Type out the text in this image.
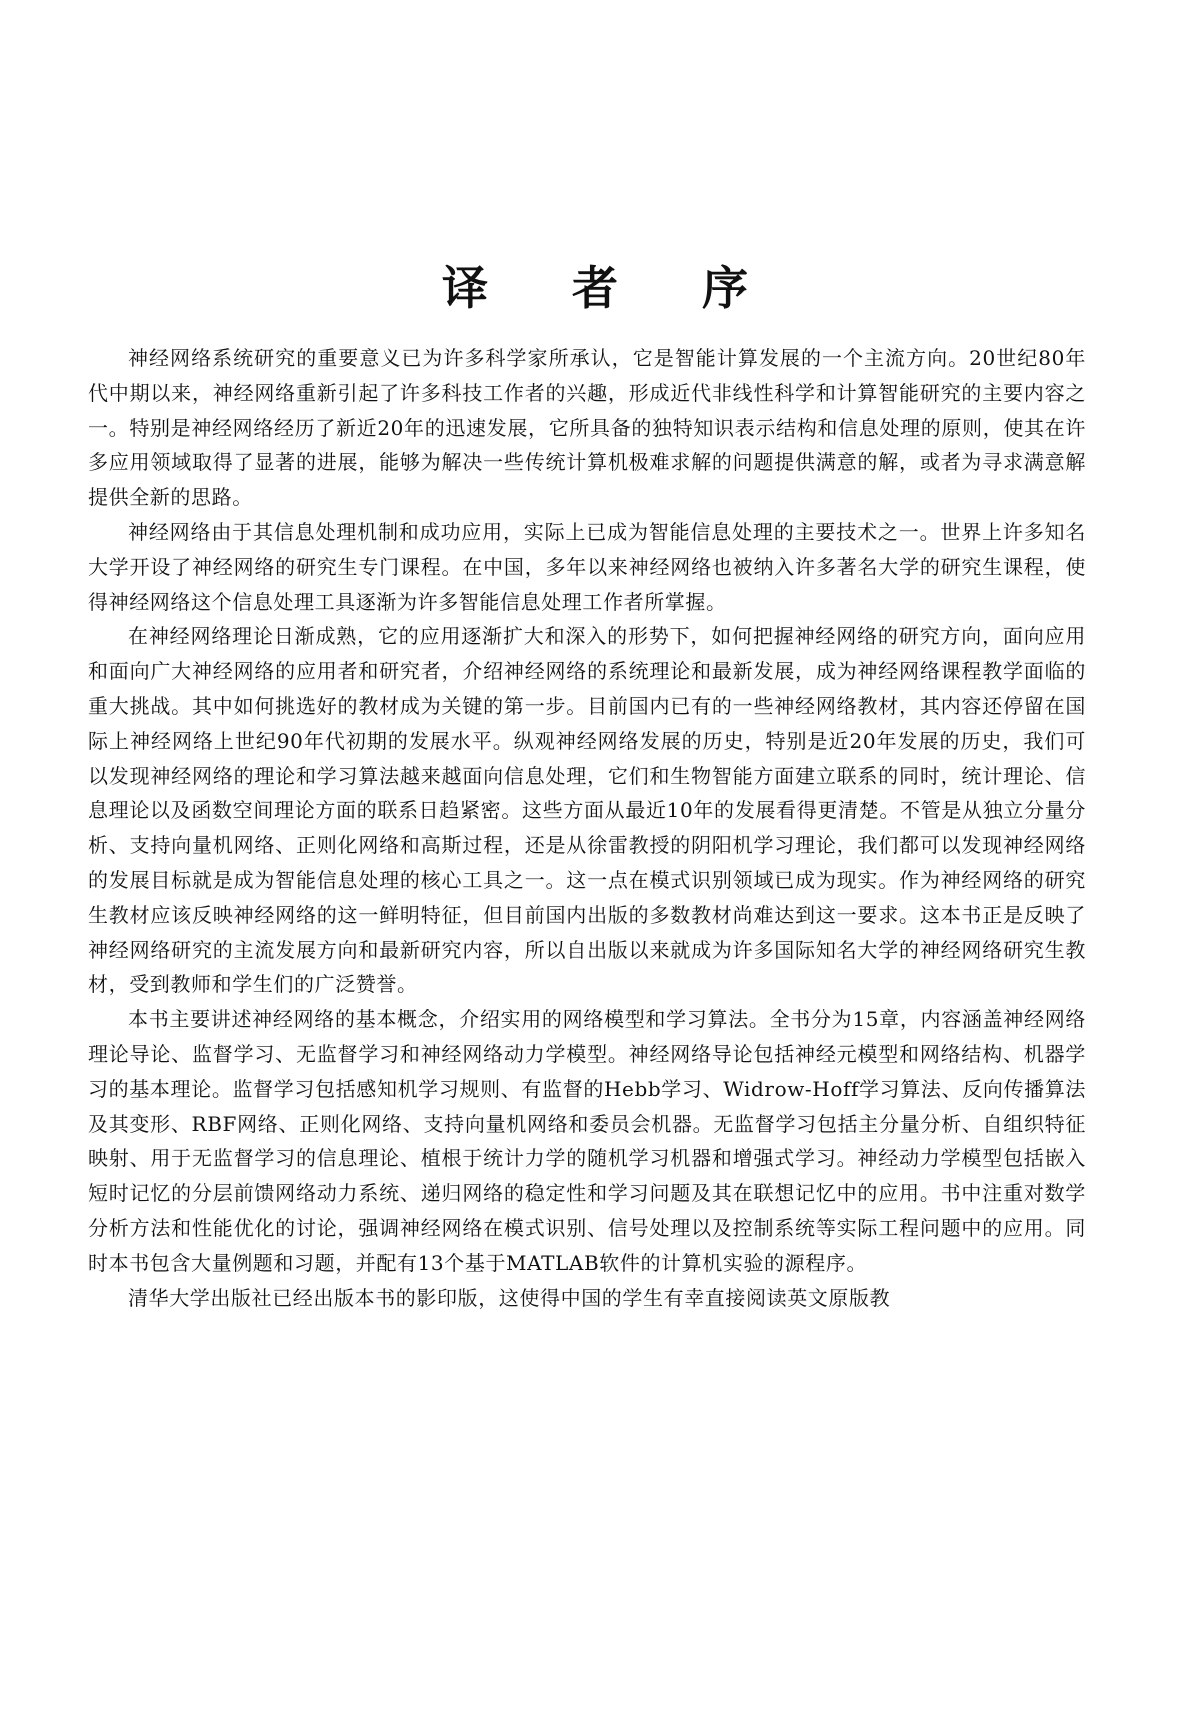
译 者 序

神经网络系统研究的重要意义已为许多科学家所承认，它是智能计算发展的一个主流方向。20世纪80年代中期以来，神经网络重新引起了许多科技工作者的兴趣，形成近代非线性科学和计算智能研究的主要内容之一。特别是神经网络经历了新近20年的迅速发展，它所具备的独特知识表示结构和信息处理的原则，使其在许多应用领域取得了显著的进展，能够为解决一些传统计算机极难求解的问题提供满意的解，或者为寻求满意解提供全新的思路。

神经网络由于其信息处理机制和成功应用，实际上已成为智能信息处理的主要技术之一。世界上许多知名大学开设了神经网络的研究生专门课程。在中国，多年以来神经网络也被纳入许多著名大学的研究生课程，使得神经网络这个信息处理工具逐渐为许多智能信息处理工作者所掌握。

在神经网络理论日渐成熟，它的应用逐渐扩大和深入的形势下，如何把握神经网络的研究方向，面向应用和面向广大神经网络的应用者和研究者，介绍神经网络的系统理论和最新发展，成为神经网络课程教学面临的重大挑战。其中如何挑选好的教材成为关键的第一步。目前国内已有的一些神经网络教材，其内容还停留在国际上神经网络上世纪90年代初期的发展水平。纵观神经网络发展的历史，特别是近20年发展的历史，我们可以发现神经网络的理论和学习算法越来越面向信息处理，它们和生物智能方面建立联系的同时，统计理论、信息理论以及函数空间理论方面的联系日趋紧密。这些方面从最近10年的发展看得更清楚。不管是从独立分量分析、支持向量机网络、正则化网络和高斯过程，还是从徐雷教授的阴阳机学习理论，我们都可以发现神经网络的发展目标就是成为智能信息处理的核心工具之一。这一点在模式识别领域已成为现实。作为神经网络的研究生教材应该反映神经网络的这一鲜明特征，但目前国内出版的多数教材尚难达到这一要求。这本书正是反映了神经网络研究的主流发展方向和最新研究内容，所以自出版以来就成为许多国际知名大学的神经网络研究生教材，受到教师和学生们的广泛赞誉。

本书主要讲述神经网络的基本概念，介绍实用的网络模型和学习算法。全书分为15章，内容涵盖神经网络理论导论、监督学习、无监督学习和神经网络动力学模型。神经网络导论包括神经元模型和网络结构、机器学习的基本理论。监督学习包括感知机学习规则、有监督的Hebb学习、Widrow-Hoff学习算法、反向传播算法及其变形、RBF网络、正则化网络、支持向量机网络和委员会机器。无监督学习包括主分量分析、自组织特征映射、用于无监督学习的信息理论、植根于统计力学的随机学习机器和增强式学习。神经动力学模型包括嵌入短时记忆的分层前馈网络动力系统、递归网络的稳定性和学习问题及其在联想记忆中的应用。书中注重对数学分析方法和性能优化的讨论，强调神经网络在模式识别、信号处理以及控制系统等实际工程问题中的应用。同时本书包含大量例题和习题，并配有13个基于MATLAB软件的计算机实验的源程序。

清华大学出版社已经出版本书的影印版，这使得中国的学生有幸直接阅读英文原版教
